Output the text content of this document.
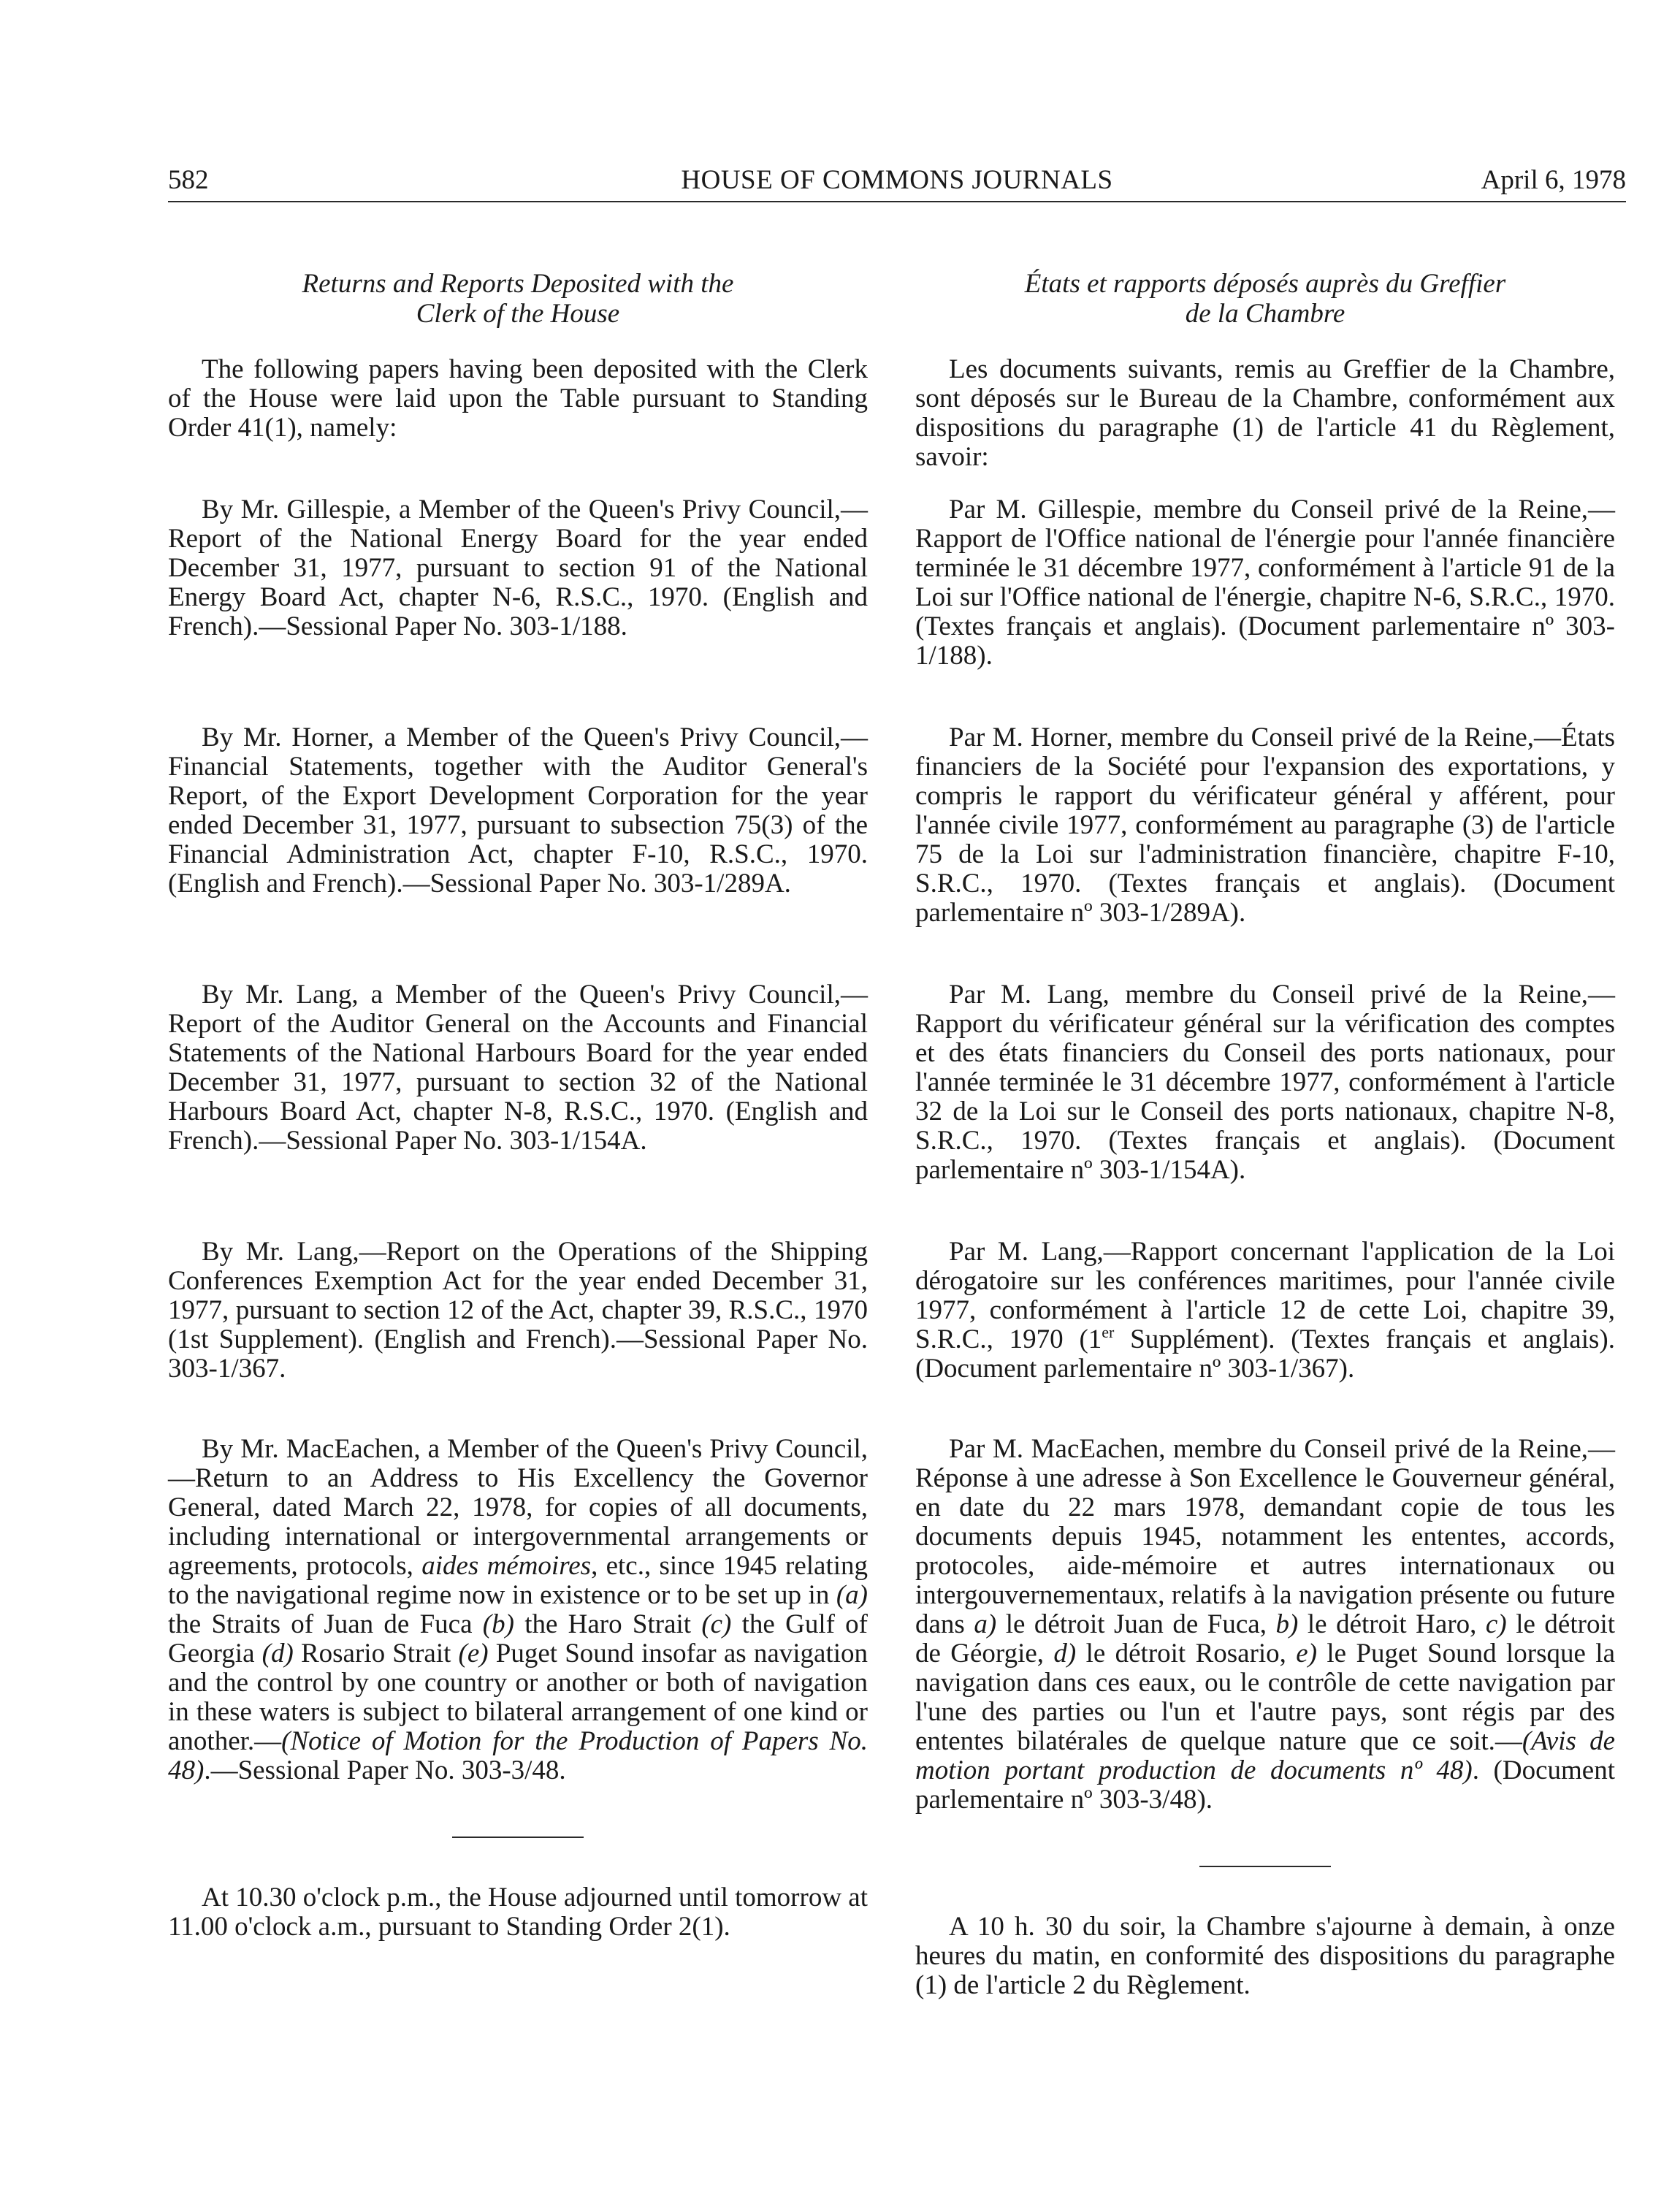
582	HOUSE OF COMMONS JOURNALS	April 6, 1978
Returns and Reports Deposited with the
Clerk of the House

The following papers having been deposited with the Clerk of the House were laid upon the Table pursuant to Standing Order 41(1), namely:

By Mr. Gillespie, a Member of the Queen's Privy Council,—Report of the National Energy Board for the year ended December 31, 1977, pursuant to section 91 of the National Energy Board Act, chapter N-6, R.S.C., 1970. (English and French).—Sessional Paper No. 303-1/188.

By Mr. Horner, a Member of the Queen's Privy Council,—Financial Statements, together with the Auditor General's Report, of the Export Development Corporation for the year ended December 31, 1977, pursuant to subsection 75(3) of the Financial Administration Act, chapter F-10, R.S.C., 1970. (English and French).—Sessional Paper No. 303-1/289A.

By Mr. Lang, a Member of the Queen's Privy Council,—Report of the Auditor General on the Accounts and Financial Statements of the National Harbours Board for the year ended December 31, 1977, pursuant to section 32 of the National Harbours Board Act, chapter N-8, R.S.C., 1970. (English and French).—Sessional Paper No. 303-1/154A.

By Mr. Lang,—Report on the Operations of the Shipping Conferences Exemption Act for the year ended December 31, 1977, pursuant to section 12 of the Act, chapter 39, R.S.C., 1970 (1st Supplement). (English and French).—Sessional Paper No. 303-1/367.

By Mr. MacEachen, a Member of the Queen's Privy Council,—Return to an Address to His Excellency the Governor General, dated March 22, 1978, for copies of all documents, including international or intergovernmental arrangements or agreements, protocols, aides mémoires, etc., since 1945 relating to the navigational regime now in existence or to be set up in (a) the Straits of Juan de Fuca (b) the Haro Strait (c) the Gulf of Georgia (d) Rosario Strait (e) Puget Sound insofar as navigation and the control by one country or another or both of navigation in these waters is subject to bilateral arrangement of one kind or another.—(Notice of Motion for the Production of Papers No. 48).—Sessional Paper No. 303-3/48.

At 10.30 o'clock p.m., the House adjourned until tomorrow at 11.00 o'clock a.m., pursuant to Standing Order 2(1).

États et rapports déposés auprès du Greffier
de la Chambre

Les documents suivants, remis au Greffier de la Chambre, sont déposés sur le Bureau de la Chambre, conformément aux dispositions du paragraphe (1) de l'article 41 du Règlement, savoir:

Par M. Gillespie, membre du Conseil privé de la Reine,—Rapport de l'Office national de l'énergie pour l'année financière terminée le 31 décembre 1977, conformément à l'article 91 de la Loi sur l'Office national de l'énergie, chapitre N-6, S.R.C., 1970. (Textes français et anglais). (Document parlementaire nº 303-1/188).

Par M. Horner, membre du Conseil privé de la Reine,—États financiers de la Société pour l'expansion des exportations, y compris le rapport du vérificateur général y afférent, pour l'année civile 1977, conformément au paragraphe (3) de l'article 75 de la Loi sur l'administration financière, chapitre F-10, S.R.C., 1970. (Textes français et anglais). (Document parlementaire nº 303-1/289A).

Par M. Lang, membre du Conseil privé de la Reine,—Rapport du vérificateur général sur la vérification des comptes et des états financiers du Conseil des ports nationaux, pour l'année terminée le 31 décembre 1977, conformément à l'article 32 de la Loi sur le Conseil des ports nationaux, chapitre N-8, S.R.C., 1970. (Textes français et anglais). (Document parlementaire nº 303-1/154A).

Par M. Lang,—Rapport concernant l'application de la Loi dérogatoire sur les conférences maritimes, pour l'année civile 1977, conformément à l'article 12 de cette Loi, chapitre 39, S.R.C., 1970 (1er Supplément). (Textes français et anglais). (Document parlementaire nº 303-1/367).

Par M. MacEachen, membre du Conseil privé de la Reine,—Réponse à une adresse à Son Excellence le Gouverneur général, en date du 22 mars 1978, demandant copie de tous les documents depuis 1945, notamment les ententes, accords, protocoles, aide-mémoire et autres internationaux ou intergouvernementaux, relatifs à la navigation présente ou future dans a) le détroit Juan de Fuca, b) le détroit Haro, c) le détroit de Géorgie, d) le détroit Rosario, e) le Puget Sound lorsque la navigation dans ces eaux, ou le contrôle de cette navigation par l'une des parties ou l'un et l'autre pays, sont régis par des ententes bilatérales de quelque nature que ce soit.—(Avis de motion portant production de documents nº 48). (Document parlementaire nº 303-3/48).

A 10 h. 30 du soir, la Chambre s'ajourne à demain, à onze heures du matin, en conformité des dispositions du paragraphe (1) de l'article 2 du Règlement.
